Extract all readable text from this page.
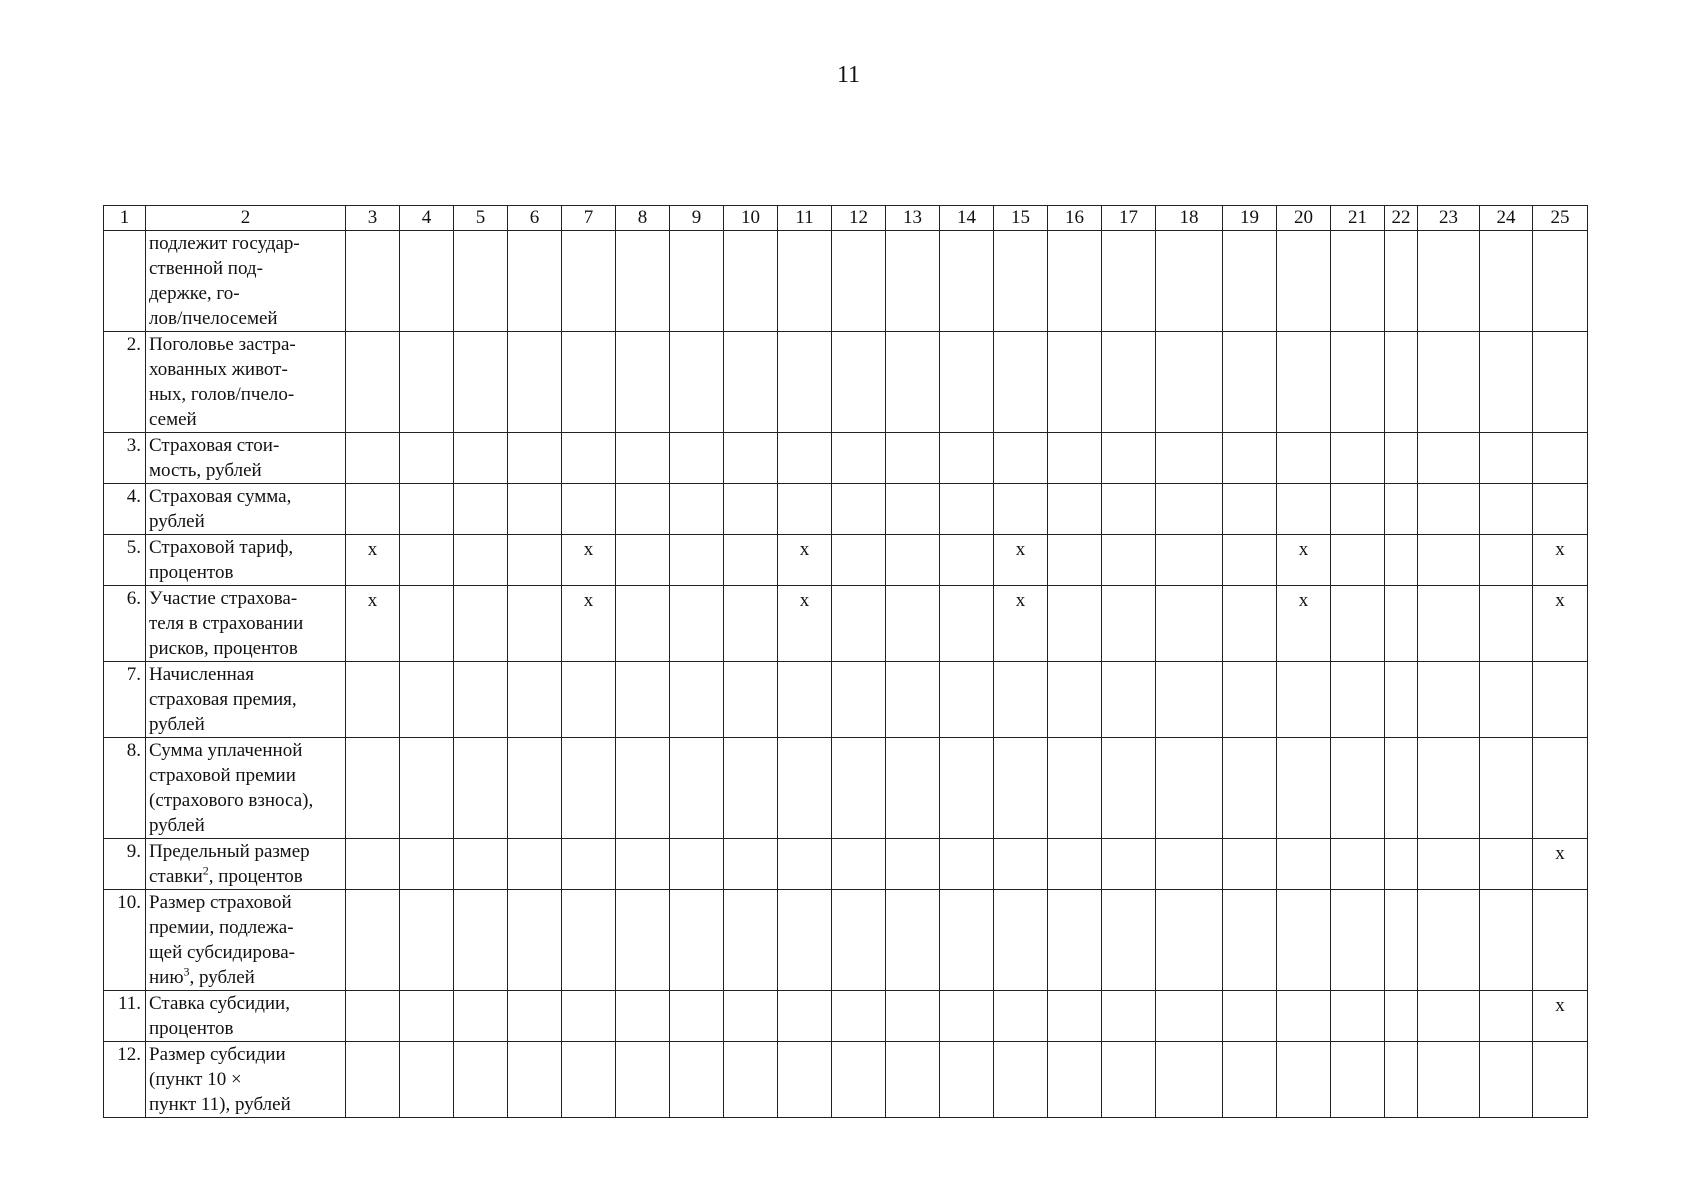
11
1	2	3	4	5	6	7	8	9	10	11	12	13	14	15	16	17	18	19	20	21	22	23	24	25
	подлежит государ-
ственной под-
держке, го-
лов/пчелосемей																							
2.	Поголовье застра-
хованных живот-
ных, голов/пчело-
семей																							
3.	Страховая стои-
мость, рублей																							
4.	Страховая сумма,
рублей																							
5.	Страховой тариф,
процентов	x				x				x				x					x					x
6.	Участие страхова-
теля в страховании
рисков, процентов	x				x				x				x					x					x
7.	Начисленная
страховая премия,
рублей																							
8.	Сумма уплаченной
страховой премии
(страхового взноса),
рублей																							
9.	Предельный размер
ставки$^2$, процентов																							x
10.	Размер страховой
премии, подлежа-
щей субсидирова-
нию$^3$, рублей																							
11.	Ставка субсидии,
процентов																							x
12.	Размер субсидии
(пункт 10 ×
пункт 11), рублей																							
